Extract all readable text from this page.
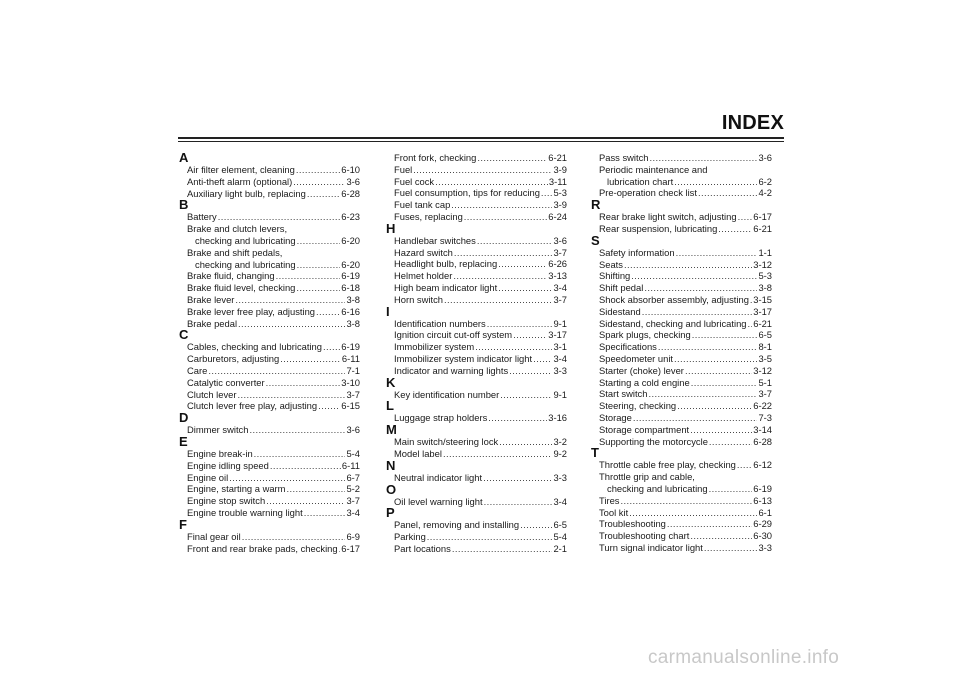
INDEX
A
Air filter element, cleaning .....	6-10
Anti-theft alarm (optional) .....	3-6
Auxiliary light bulb, replacing .....	6-28
B
Battery .....	6-23
Brake and clutch levers,
checking and lubricating .....	6-20
Brake and shift pedals,
checking and lubricating .....	6-20
Brake fluid, changing .....	6-19
Brake fluid level, checking .....	6-18
Brake lever .....	3-8
Brake lever free play, adjusting .....	6-16
Brake pedal .....	3-8
C
Cables, checking and lubricating ..... 6-19
Carburetors, adjusting .....	6-11
Care .....	7-1
Catalytic converter .....	3-10
Clutch lever .....	3-7
Clutch lever free play, adjusting .....	6-15
D
Dimmer switch .....	3-6
E
Engine break-in .....	5-4
Engine idling speed .....	6-11
Engine oil .....	6-7
Engine, starting a warm .....	5-2
Engine stop switch .....	3-7
Engine trouble warning light .....	3-4
F
Final gear oil .....	6-9
Front and rear brake pads, checking ..... 6-17
Front fork, checking .....	6-21
Fuel .....	3-9
Fuel cock .....	3-11
Fuel consumption, tips for reducing ..... 5-3
Fuel tank cap .....	3-9
Fuses, replacing .....	6-24
H
Handlebar switches .....	3-6
Hazard switch .....	3-7
Headlight bulb, replacing .....	6-26
Helmet holder .....	3-13
High beam indicator light .....	3-4
Horn switch .....	3-7
I
Identification numbers .....	9-1
Ignition circuit cut-off system .....	3-17
Immobilizer system .....	3-1
Immobilizer system indicator light ..... 3-4
Indicator and warning lights .....	3-3
K
Key identification number .....	9-1
L
Luggage strap holders .....	3-16
M
Main switch/steering lock .....	3-2
Model label .....	9-2
N
Neutral indicator light .....	3-3
O
Oil level warning light .....	3-4
P
Panel, removing and installing .....	6-5
Parking .....	5-4
Part locations .....	2-1
Pass switch .....	3-6
Periodic maintenance and
lubrication chart .....	6-2
Pre-operation check list .....	4-2
R
Rear brake light switch, adjusting ..... 6-17
Rear suspension, lubricating .....	6-21
S
Safety information .....	1-1
Seats .....	3-12
Shifting .....	5-3
Shift pedal .....	3-8
Shock absorber assembly, adjusting ..... 3-15
Sidestand .....	3-17
Sidestand, checking and lubricating ..... 6-21
Spark plugs, checking .....	6-5
Specifications .....	8-1
Speedometer unit .....	3-5
Starter (choke) lever .....	3-12
Starting a cold engine .....	5-1
Start switch .....	3-7
Steering, checking .....	6-22
Storage .....	7-3
Storage compartment .....	3-14
Supporting the motorcycle .....	6-28
T
Throttle cable free play, checking ..... 6-12
Throttle grip and cable,
checking and lubricating .....	6-19
Tires .....	6-13
Tool kit .....	6-1
Troubleshooting .....	6-29
Troubleshooting chart .....	6-30
Turn signal indicator light .....	3-3
carmanualsonline.info
